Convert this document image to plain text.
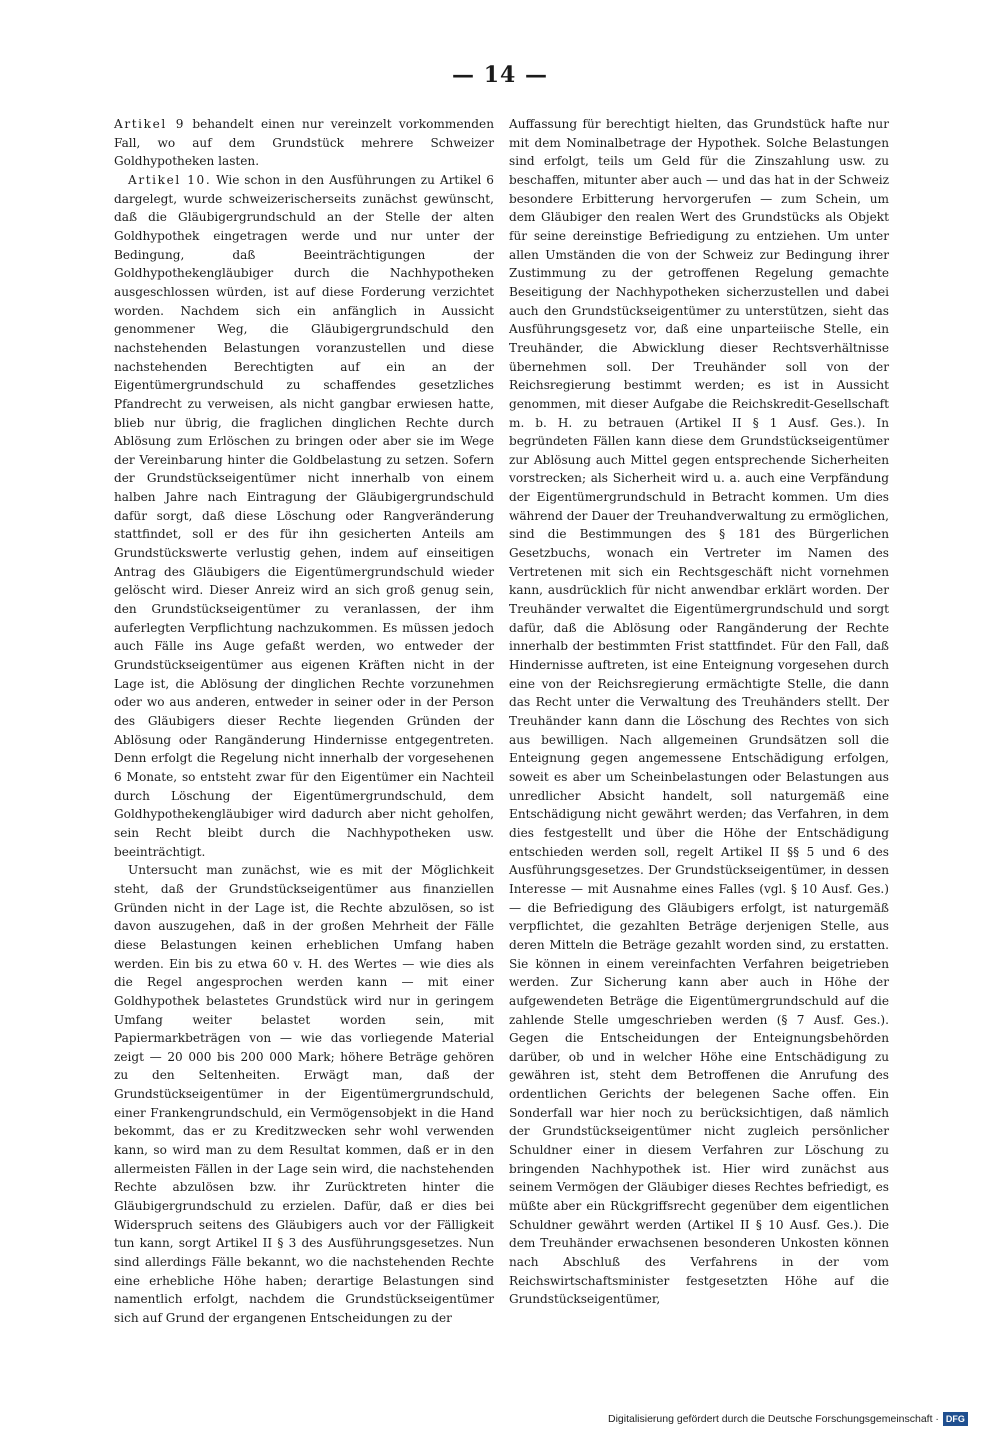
— 14 —

Artikel 9 behandelt einen nur vereinzelt vorkommenden Fall, wo auf dem Grundstück mehrere Schweizer Goldhypotheken lasten.

Artikel 10. Wie schon in den Ausführungen zu Artikel 6 dargelegt, wurde schweizerischerseits zunächst gewünscht, daß die Gläubigergrundschuld an der Stelle der alten Goldhypothek eingetragen werde und nur unter der Bedingung, daß Beeinträchtigungen der Goldhypothekengläubiger durch die Nachhypotheken ausgeschlossen würden, ist auf diese Forderung verzichtet worden. Nachdem sich ein anfänglich in Aussicht genommener Weg, die Gläubigergrundschuld den nachstehenden Belastungen voranzustellen und diese nachstehenden Berechtigten auf ein an der Eigentümergrundschuld zu schaffendes gesetzliches Pfandrecht zu verweisen, als nicht gangbar erwiesen hatte, blieb nur übrig, die fraglichen dinglichen Rechte durch Ablösung zum Erlöschen zu bringen oder aber sie im Wege der Vereinbarung hinter die Goldbelastung zu setzen. Sofern der Grundstückseigentümer nicht innerhalb von einem halben Jahre nach Eintragung der Gläubigergrundschuld dafür sorgt, daß diese Löschung oder Rangveränderung stattfindet, soll er des für ihn gesicherten Anteils am Grundstückswerte verlustig gehen, indem auf einseitigen Antrag des Gläubigers die Eigentümergrundschuld wieder gelöscht wird. Dieser Anreiz wird an sich groß genug sein, den Grundstückseigentümer zu veranlassen, der ihm auferlegten Verpflichtung nachzukommen. Es müssen jedoch auch Fälle ins Auge gefaßt werden, wo entweder der Grundstückseigentümer aus eigenen Kräften nicht in der Lage ist, die Ablösung der dinglichen Rechte vorzunehmen oder wo aus anderen, entweder in seiner oder in der Person des Gläubigers dieser Rechte liegenden Gründen der Ablösung oder Rangänderung Hindernisse entgegentreten. Denn erfolgt die Regelung nicht innerhalb der vorgesehenen 6 Monate, so entsteht zwar für den Eigentümer ein Nachteil durch Löschung der Eigentümergrundschuld, dem Goldhypothekengläubiger wird dadurch aber nicht geholfen, sein Recht bleibt durch die Nachhypotheken usw. beeinträchtigt.

Untersucht man zunächst, wie es mit der Möglichkeit steht, daß der Grundstückseigentümer aus finanziellen Gründen nicht in der Lage ist, die Rechte abzulösen, so ist davon auszugehen, daß in der großen Mehrheit der Fälle diese Belastungen keinen erheblichen Umfang haben werden. Ein bis zu etwa 60 v. H. des Wertes — wie dies als die Regel angesprochen werden kann — mit einer Goldhypothek belastetes Grundstück wird nur in geringem Umfang weiter belastet worden sein, mit Papiermarkbeträgen von — wie das vorliegende Material zeigt — 20 000 bis 200 000 Mark; höhere Beträge gehören zu den Seltenheiten. Erwägt man, daß der Grundstückseigentümer in der Eigentümergrundschuld, einer Frankengrundschuld, ein Vermögensobjekt in die Hand bekommt, das er zu Kreditzwecken sehr wohl verwenden kann, so wird man zu dem Resultat kommen, daß er in den allermeisten Fällen in der Lage sein wird, die nachstehenden Rechte abzulösen bzw. ihr Zurücktreten hinter die Gläubigergrundschuld zu erzielen. Dafür, daß er dies bei Widerspruch seitens des Gläubigers auch vor der Fälligkeit tun kann, sorgt Artikel II § 3 des Ausführungsgesetzes. Nun sind allerdings Fälle bekannt, wo die nachstehenden Rechte eine erhebliche Höhe haben; derartige Belastungen sind namentlich erfolgt, nachdem die Grundstückseigentümer sich auf Grund der ergangenen Entscheidungen zu der

Auffassung für berechtigt hielten, das Grundstück hafte nur mit dem Nominalbetrage der Hypothek. Solche Belastungen sind erfolgt, teils um Geld für die Zinszahlung usw. zu beschaffen, mitunter aber auch — und das hat in der Schweiz besondere Erbitterung hervorgerufen — zum Schein, um dem Gläubiger den realen Wert des Grundstücks als Objekt für seine dereinstige Befriedigung zu entziehen. Um unter allen Umständen die von der Schweiz zur Bedingung ihrer Zustimmung zu der getroffenen Regelung gemachte Beseitigung der Nachhypotheken sicherzustellen und dabei auch den Grundstückseigentümer zu unterstützen, sieht das Ausführungsgesetz vor, daß eine unparteiische Stelle, ein Treuhänder, die Abwicklung dieser Rechtsverhältnisse übernehmen soll. Der Treuhänder soll von der Reichsregierung bestimmt werden; es ist in Aussicht genommen, mit dieser Aufgabe die Reichskredit-Gesellschaft m. b. H. zu betrauen (Artikel II § 1 Ausf. Ges.). In begründeten Fällen kann diese dem Grundstückseigentümer zur Ablösung auch Mittel gegen entsprechende Sicherheiten vorstrecken; als Sicherheit wird u. a. auch eine Verpfändung der Eigentümergrundschuld in Betracht kommen. Um dies während der Dauer der Treuhandverwaltung zu ermöglichen, sind die Bestimmungen des § 181 des Bürgerlichen Gesetzbuchs, wonach ein Vertreter im Namen des Vertretenen mit sich ein Rechtsgeschäft nicht vornehmen kann, ausdrücklich für nicht anwendbar erklärt worden. Der Treuhänder verwaltet die Eigentümergrundschuld und sorgt dafür, daß die Ablösung oder Rangänderung der Rechte innerhalb der bestimmten Frist stattfindet. Für den Fall, daß Hindernisse auftreten, ist eine Enteignung vorgesehen durch eine von der Reichsregierung ermächtigte Stelle, die dann das Recht unter die Verwaltung des Treuhänders stellt. Der Treuhänder kann dann die Löschung des Rechtes von sich aus bewilligen. Nach allgemeinen Grundsätzen soll die Enteignung gegen angemessene Entschädigung erfolgen, soweit es aber um Scheinbelastungen oder Belastungen aus unredlicher Absicht handelt, soll naturgemäß eine Entschädigung nicht gewährt werden; das Verfahren, in dem dies festgestellt und über die Höhe der Entschädigung entschieden werden soll, regelt Artikel II §§ 5 und 6 des Ausführungsgesetzes. Der Grundstückseigentümer, in dessen Interesse — mit Ausnahme eines Falles (vgl. § 10 Ausf. Ges.) — die Befriedigung des Gläubigers erfolgt, ist naturgemäß verpflichtet, die gezahlten Beträge derjenigen Stelle, aus deren Mitteln die Beträge gezahlt worden sind, zu erstatten. Sie können in einem vereinfachten Verfahren beigetrieben werden. Zur Sicherung kann aber auch in Höhe der aufgewendeten Beträge die Eigentümergrundschuld auf die zahlende Stelle umgeschrieben werden (§ 7 Ausf. Ges.). Gegen die Entscheidungen der Enteignungsbehörden darüber, ob und in welcher Höhe eine Entschädigung zu gewähren ist, steht dem Betroffenen die Anrufung des ordentlichen Gerichts der belegenen Sache offen. Ein Sonderfall war hier noch zu berücksichtigen, daß nämlich der Grundstückseigentümer nicht zugleich persönlicher Schuldner einer in diesem Verfahren zur Löschung zu bringenden Nachhypothek ist. Hier wird zunächst aus seinem Vermögen der Gläubiger dieses Rechtes befriedigt, es müßte aber ein Rückgriffsrecht gegenüber dem eigentlichen Schuldner gewährt werden (Artikel II § 10 Ausf. Ges.). Die dem Treuhänder erwachsenen besonderen Unkosten können nach Abschluß des Verfahrens in der vom Reichswirtschaftsminister festgesetzten Höhe auf die Grundstückseigentümer,

Digitalisierung gefördert durch die Deutsche Forschungsgemeinschaft · DFG
